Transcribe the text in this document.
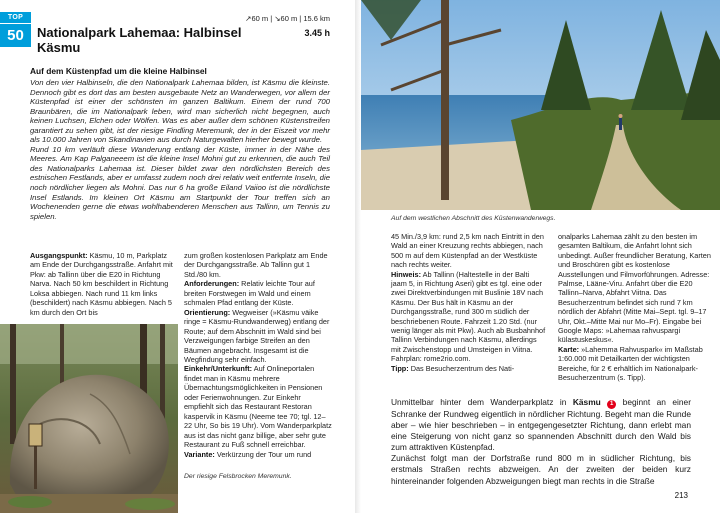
TOP
50	Nationalpark Lahemaa: Halbinsel
Käsmu
↗60 m | ↘60 m | 15.6 km
3.45 h
Auf dem Küstenpfad um die kleine Halbinsel
Von den vier Halbinseln, die den Nationalpark Lahemaa bilden, ist Käsmu die kleinste. Dennoch gibt es dort das am besten ausgebaute Netz an Wanderwegen, vor allem der Küstenpfad ist einer der schönsten im ganzen Baltikum. Einem der rund 700 Braunbären, die im Nationalpark leben, wird man sicherlich nicht begegnen, auch keinen Luchsen, Elchen oder Wölfen. Was es aber außer dem schönen Küstenstreifen garantiert zu sehen gibt, ist der riesige Findling Meremunk, der in der Eiszeit vor mehr als 10.000 Jahren von Skandinavien aus durch Naturgewalten hierher bewegt wurde.
Rund 10 km verläuft diese Wanderung entlang der Küste, immer in der Nähe des Meeres. Am Kap Palganeeem ist die kleine Insel Mohni gut zu erkennen, die auch Teil des Nationalparks Lahemaa ist. Dieser bildet zwar den nördlichsten Bereich des estnischen Festlands, aber er umfasst zudem noch drei relativ weit entfernte Inseln, die noch nördlicher liegen als Mohni. Das nur 6 ha große Eiland Vaiioo ist die nördlichste Insel Estlands. Im kleinen Ort Käsmu am Startpunkt der Tour treffen sich an Wochenenden gerne die etwas wohlhabenderen Menschen aus Tallinn, um Tennis zu spielen.
Ausgangspunkt: Käsmu, 10 m, Parkplatz am Ende der Durchgangsstraße. Anfahrt mit Pkw: ab Tallinn über die E20 in Richtung Narva. Nach 50 km beschildert in Richtung Loksa abbiegen. Nach rund 11 km links (beschildert) nach Käsmu abbiegen. Nach 5 km durch den Ort bis
zum großen kostenlosen Parkplatz am Ende der Durchgangsstraße. Ab Tallinn gut 1 Std./80 km.
Anforderungen: Relativ leichte Tour auf breiten Forstwegen im Wald und einem schmalen Pfad entlang der Küste.
Orientierung: Wegweiser (»Käsmu väike ringe = Käsmu-Rundwanderweg) entlang der Route; auf dem Abschnitt im Wald sind bei Verzweigungen farbige Streifen an den Bäumen angebracht. Insgesamt ist die Wegfindung sehr einfach.
Einkehr/Unterkunft: Auf Onlineportalen findet man in Käsmu mehrere Übernachtungsmöglichkeiten in Pensionen oder Ferienwohnungen. Zur Einkehr empfiehlt sich das Restaurant Restoran kaspervik in Käsmu (Neeme tee 70; tgl. 12–22 Uhr, So bis 19 Uhr). Vom Wanderparkplatz aus ist das nicht ganz billige, aber sehr gute Restaurant zu Fuß schnell erreichbar.
Variante: Verkürzung der Tour um rund
Der riesige Felsbrocken Meremunk.
Auf dem westlichen Abschnitt des Küstenwanderwegs.
45 Min./3,9 km: rund 2,5 km nach Eintritt in den Wald an einer Kreuzung rechts abbiegen, nach 500 m auf dem Küstenpfad an der Westküste nach rechts weiter.
Hinweis: Ab Tallinn (Haltestelle in der Balti jaam 5, in Richtung Aseri) gibt es tgl. eine oder zwei Direktverbindungen mit Buslinie 18V nach Käsmu. Der Bus hält in Käsmu an der Durchgangsstraße, rund 300 m südlich der beschriebenen Route. Fahrzeit 1.20 Std. (nur wenig länger als mit Pkw). Auch ab Busbahnhof Tallinn Verbindungen nach Käsmu, allerdings mit Zwischenstopp und Umsteigen in Viitna. Fahrplan: rome2rio.com.
Tipp: Das Besucherzentrum des Nati-
onalparks Lahemaa zählt zu den besten im gesamten Baltikum, die Anfahrt lohnt sich unbedingt. Außer freundlicher Beratung, Karten und Broschüren gibt es kostenlose Ausstellungen und Filmvorführungen. Adresse: Palmse, Lääne-Viru. Anfahrt über die E20 Tallinn–Narva, Abfahrt Viitna. Das Besucherzentrum befindet sich rund 7 km nördlich der Abfahrt (Mitte Mai–Sept. tgl. 9–17 Uhr, Okt.–Mitte Mai nur Mo–Fr). Eingabe bei Google Maps: »Lahemaa rahvuspargi külastuskeskus«.
Karte: »Lahemma Rahvuspark« im Maßstab 1:60.000 mit Detailkarten der wichtigsten Bereiche, für 2 € erhältlich im Nationalpark-Besucherzentrum (s. Tipp).
Unmittelbar hinter dem Wanderparkplatz in Käsmu 1 beginnt an einer Schranke der Rundweg eigentlich in nördlicher Richtung. Begeht man die Runde aber – wie hier beschrieben – in entgegengesetzter Richtung, dann erlebt man eine Steigerung von nicht ganz so spannenden Abschnitt durch den Wald bis zum attraktiven Küstenpfad.
Zunächst folgt man der Dorfstraße rund 800 m in südlicher Richtung, bis erstmals Straßen rechts abzweigen. An der zweiten der beiden kurz hintereinander folgenden Abzweigungen biegt man rechts in die Straße
213
